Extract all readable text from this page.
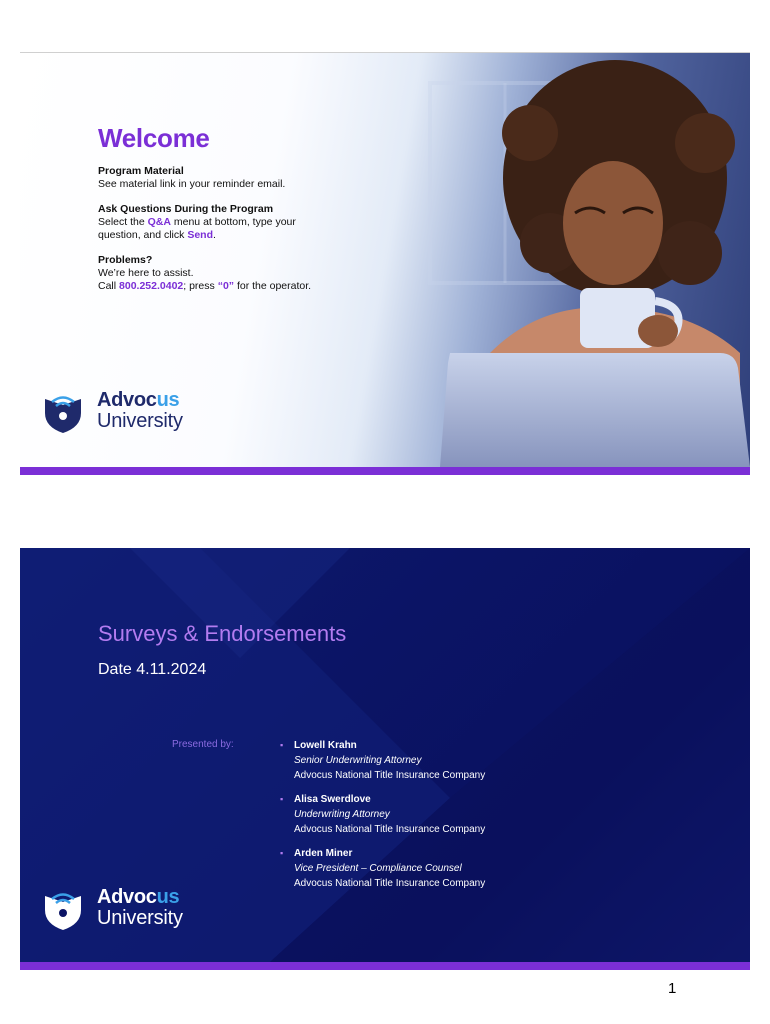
Welcome
Program Material
See material link in your reminder email.
Ask Questions During the Program
Select the Q&A menu at bottom, type your question, and click Send.
Problems?
We’re here to assist.
Call 800.252.0402; press “0” for the operator.
Advocus
University
Surveys & Endorsements
Date 4.11.2024
Presented by:	▪ Lowell Krahn
Senior Underwriting Attorney
Advocus National Title Insurance Company
▪ Alisa Swerdlove
Underwriting Attorney
Advocus National Title Insurance Company
▪ Arden Miner
Vice President – Compliance Counsel
Advocus National Title Insurance Company
Advocus
University
1
